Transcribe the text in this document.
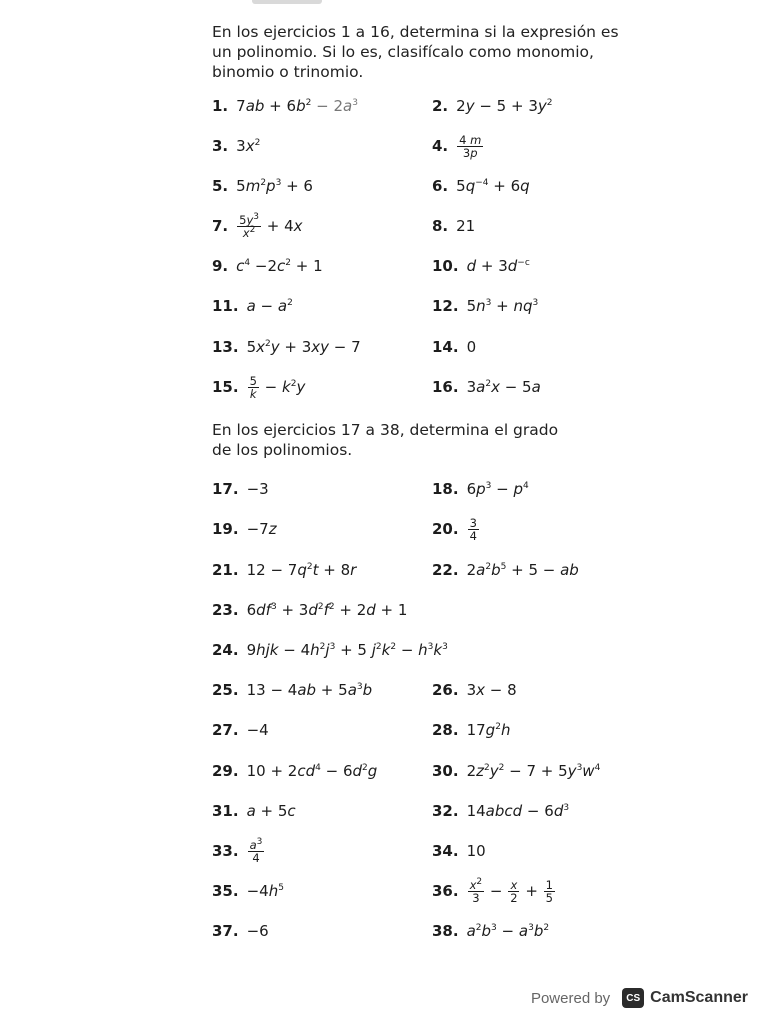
En los ejercicios 1 a 16, determina si la expresión es
un polinomio. Si lo es, clasifícalo como monomio,
binomio o trinomio.
1. $7ab + 6b^2 - 2a^3$	2. $2y - 5 + 3y^2$
3. $3x^2$	4. $\frac{4 m}{3p}$
5. $5m^2p^3 + 6$	6. $5q^{-4} + 6q$
7. $\frac{5y^3}{x^2} + 4x$	8. 21
9. $c^4 -2c^2 + 1$	10. $d + 3d^{-c}$
11. $a - a^2$	12. $5n^3 + nq^3$
13. $5x^2y + 3xy - 7$	14. 0
15. $\frac{5}{k} - k^2y$	16. $3a^2x - 5a$
En los ejercicios 17 a 38, determina el grado
de los polinomios.
17. −3	18. $6p^3 - p^4$
19. −7z	20. $\frac{3}{4}$
21. $12 - 7q^2t + 8r$	22. $2a^2b^5 + 5$ − ab
23. $6df^3 + 3d^2f^2 + 2d + 1$
24. $9hjk - 4h^2j^3 + 5$ $j^2k^2 - h^3k^3$
25. $13 - 4ab + 5a^3b$	26. 3x − 8
27. −4	28. $17g^2h$
29. $10 + 2cd^4 - 6d^2g$	30. $2z^2y^2 - 7 + 5y^3w^4$
31. a + 5c	32. 14abcd − $6d^3$
33. $\frac{a^3}{4}$	34. 10
35. $-4h^5$	36. $\frac{x^2}{3} - \frac{x}{2} + \frac{1}{5}$
37. −6	38. $a^2b^3 - a^3b^2$
Powered by	CS CamScanner
